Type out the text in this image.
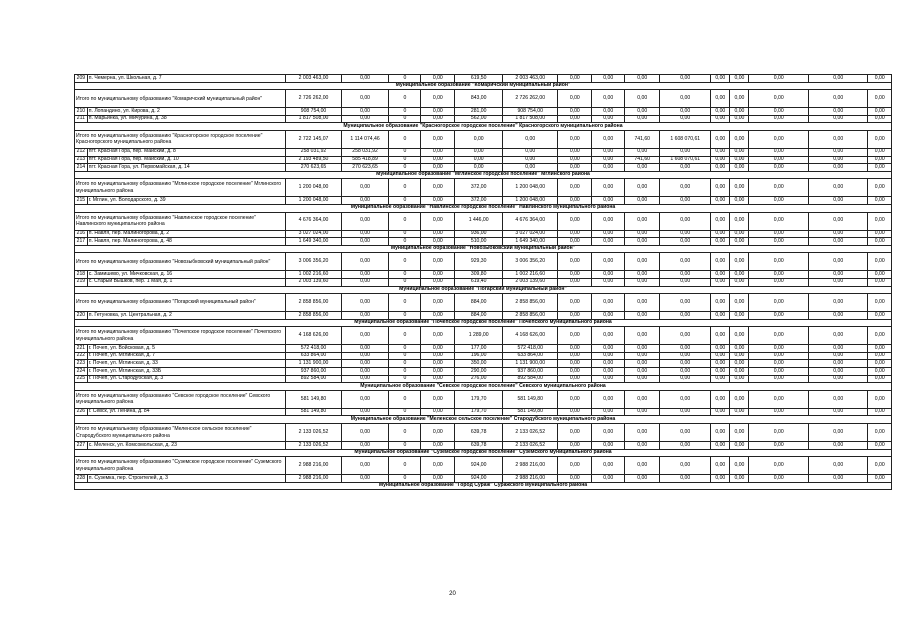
209	п. Чемерна, ул. Школьная, д. 7	2 003 463,00	0,00	0	0,00	619,50	2 003 463,00	0,00	0,00	0,00	0,00	0,00	0,00	0,00	0,00	0,00
Муниципальное образование "Комаричский муниципальный район"																
Итого по муниципальному образованию "Комаричский муниципальный район"		2 726 262,00	0,00	0	0,00	843,00	2 726 262,00	0,00	0,00	0,00	0,00	0,00	0,00	0,00	0,00	0,00
210	п. Лопандино, ул. Кирова, д. 2	908 754,00	0,00	0	0,00	281,00	908 754,00	0,00	0,00	0,00	0,00	0,00	0,00	0,00	0,00	0,00
211	п. Марьинка, ул. Мичурина, д. 38	1 817 508,00	0,00	0	0,00	562,00	1 817 508,00	0,00	0,00	0,00	0,00	0,00	0,00	0,00	0,00	0,00
Муниципальное образование "Красногорское городское поселение" Красногорского муниципального района																
Итого по муниципальному образованию "Красногорское городское поселение" Красногорского муниципального района		2 722 145,07	1 114 074,46	0	0,00	0,00	0,00	0,00	0,00	741,60	1 608 070,61	0,00	0,00	0,00	0,00	0,00
212	пгт. Красная Гора, пер. Майский, д. 8	258 031,92	258 031,92	0	0,00	0,00	0,00	0,00	0,00	0,00	0,00	0,00	0,00	0,00	0,00	0,00
213	пгт. Красная Гора, пер. Майский, д. 10	2 193 489,50	585 418,89	0	0,00	0,00	0,00	0,00	0,00	741,60	1 608 070,61	0,00	0,00	0,00	0,00	0,00
214	пгт. Красная Гора, ул. Первомайская, д. 14	270 623,65	270 623,65	0	0,00	0,00	0,00	0,00	0,00	0,00	0,00	0,00	0,00	0,00	0,00	0,00
Муниципальное образование "Мглинское городское поселение" Мглинского района																
Итого по муниципальному образованию "Мглинское городское поселение" Мглинского муниципального района		1 200 048,00	0,00	0	0,00	372,00	1 200 048,00	0,00	0,00	0,00	0,00	0,00	0,00	0,00	0,00	0,00
215	г. Мглин, ул. Володарского, д. 39	1 200 048,00	0,00	0	0,00	372,00	1 200 048,00	0,00	0,00	0,00	0,00	0,00	0,00	0,00	0,00	0,00
Муниципальное образование "Навлинское городское поселение" Навлинского муниципального района																
Итого по муниципальному образованию "Навлинское городское поселение" Навлинского муниципального района		4 676 364,00	0,00	0	0,00	1 446,00	4 676 364,00	0,00	0,00	0,00	0,00	0,00	0,00	0,00	0,00	0,00
216	п. Навля, пер. Малиногорова, д. 2	3 027 024,00	0,00	0	0,00	936,00	3 027 024,00	0,00	0,00	0,00	0,00	0,00	0,00	0,00	0,00	0,00
217	п. Навля, пер. Малиногорова, д. 48	1 649 340,00	0,00	0	0,00	510,00	1 649 340,00	0,00	0,00	0,00	0,00	0,00	0,00	0,00	0,00	0,00
Муниципальное образование "Новозыбковский муниципальный район"																
Итого по муниципальному образованию "Новозыбковский муниципальный район"		3 006 356,20	0,00	0	0,00	929,30	3 006 356,20	0,00	0,00	0,00	0,00	0,00	0,00	0,00	0,00	0,00
218	с. Замишево, ул. Мичковская, д. 16	1 002 216,60	0,00	0	0,00	309,80	1 002 216,60	0,00	0,00	0,00	0,00	0,00	0,00	0,00	0,00	0,00
219	с. Старый Вышков, пер. 1 Мая, д. 1	2 003 139,60	0,00	0	0,00	619,40	2 003 139,60	0,00	0,00	0,00	0,00	0,00	0,00	0,00	0,00	0,00
Муниципальное образование "Погарский муниципальный район"																
Итого по муниципальному образованию "Погарский муниципальный район"		2 858 856,00	0,00	0	0,00	884,00	2 858 856,00	0,00	0,00	0,00	0,00	0,00	0,00	0,00	0,00	0,00
220	п. Гетуновка, ул. Центральная, д. 2	2 858 856,00	0,00	0	0,00	884,00	2 858 856,00	0,00	0,00	0,00	0,00	0,00	0,00	0,00	0,00	0,00
Муниципальное образование "Почепское городское поселение" Почепского муниципального района																
Итого по муниципальному образованию "Почепское городское поселение" Почепского муниципального района		4 168 626,00	0,00	0	0,00	1 289,00	4 168 626,00	0,00	0,00	0,00	0,00	0,00	0,00	0,00	0,00	0,00
221	г. Почеп, ул. Войсковая, д. 5	572 418,00	0,00	0	0,00	177,00	572 418,00	0,00	0,00	0,00	0,00	0,00	0,00	0,00	0,00	0,00
222	г. Почеп, ул. Мглинская, д. 7	633 864,00	0,00	0	0,00	196,00	633 864,00	0,00	0,00	0,00	0,00	0,00	0,00	0,00	0,00	0,00
223	г. Почеп, ул. Мглинская, д. 33	1 131 900,00	0,00	0	0,00	350,00	1 131 900,00	0,00	0,00	0,00	0,00	0,00	0,00	0,00	0,00	0,00
224	г. Почеп, ул. Мглинская, д. 33Б	937 860,00	0,00	0	0,00	290,00	937 860,00	0,00	0,00	0,00	0,00	0,00	0,00	0,00	0,00	0,00
225	г. Почеп, ул. Стародубская, д. 3	892 584,00	0,00	0	0,00	276,00	892 584,00	0,00	0,00	0,00	0,00	0,00	0,00	0,00	0,00	0,00
Муниципальное образование "Севское городское поселение" Севского муниципального района																
Итого по муниципальному образованию "Севское городское поселение" Севского муниципального района		581 149,80	0,00	0	0,00	179,70	581 149,80	0,00	0,00	0,00	0,00	0,00	0,00	0,00	0,00	0,00
226	г. Севск, ул. Ленина, д. 84	581 149,80	0,00	0	0,00	179,70	581 149,80	0,00	0,00	0,00	0,00	0,00	0,00	0,00	0,00	0,00
Муниципальное образование "Меленское сельское поселение" Стародубского муниципального района																
Итого по муниципальному образованию "Меленское сельское поселение" Стародубского муниципального района		2 133 026,52	0,00	0	0,00	639,78	2 133 026,52	0,00	0,00	0,00	0,00	0,00	0,00	0,00	0,00	0,00
227	с. Меленск, ул. Комсомольская, д. 23	2 133 026,52	0,00	0	0,00	639,78	2 133 026,52	0,00	0,00	0,00	0,00	0,00	0,00	0,00	0,00	0,00
Муниципальное образование "Суземское городское поселение" Суземского муниципального района																
Итого по муниципальному образованию "Суземское городское поселение" Суземского муниципального района		2 988 216,00	0,00	0	0,00	924,00	2 988 216,00	0,00	0,00	0,00	0,00	0,00	0,00	0,00	0,00	0,00
228	п. Суземка, пер. Строителей, д. 3	2 988 216,00	0,00	0	0,00	924,00	2 988 216,00	0,00	0,00	0,00	0,00	0,00	0,00	0,00	0,00	0,00
Муниципальное образование "Город Сураж" Суражского муниципального района																
20
